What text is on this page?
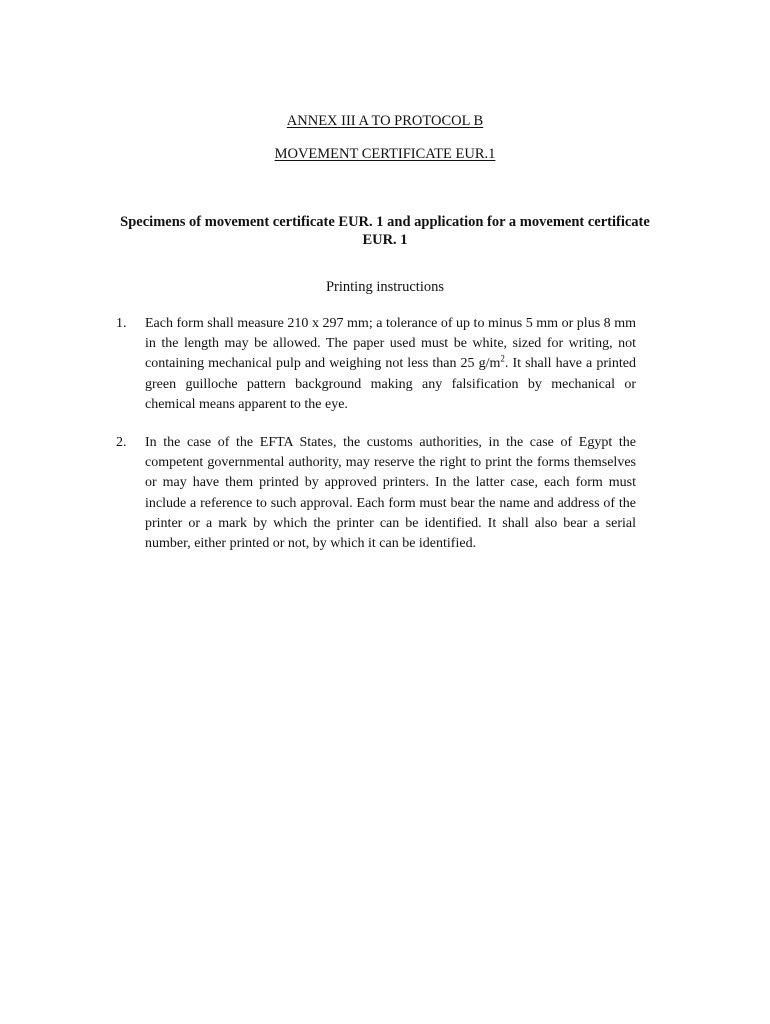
ANNEX III A TO PROTOCOL B
MOVEMENT CERTIFICATE EUR.1
Specimens of movement certificate EUR. 1 and application for a movement certificate EUR. 1
Printing instructions
1.	Each form shall measure 210 x 297 mm; a tolerance of up to minus 5 mm or plus 8 mm in the length may be allowed. The paper used must be white, sized for writing, not containing mechanical pulp and weighing not less than 25 $g/m^2$. It shall have a printed green guilloche pattern background making any falsification by mechanical or chemical means apparent to the eye.
2.	In the case of the EFTA States, the customs authorities, in the case of Egypt the competent governmental authority, may reserve the right to print the forms themselves or may have them printed by approved printers. In the latter case, each form must include a reference to such approval. Each form must bear the name and address of the printer or a mark by which the printer can be identified. It shall also bear a serial number, either printed or not, by which it can be identified.
